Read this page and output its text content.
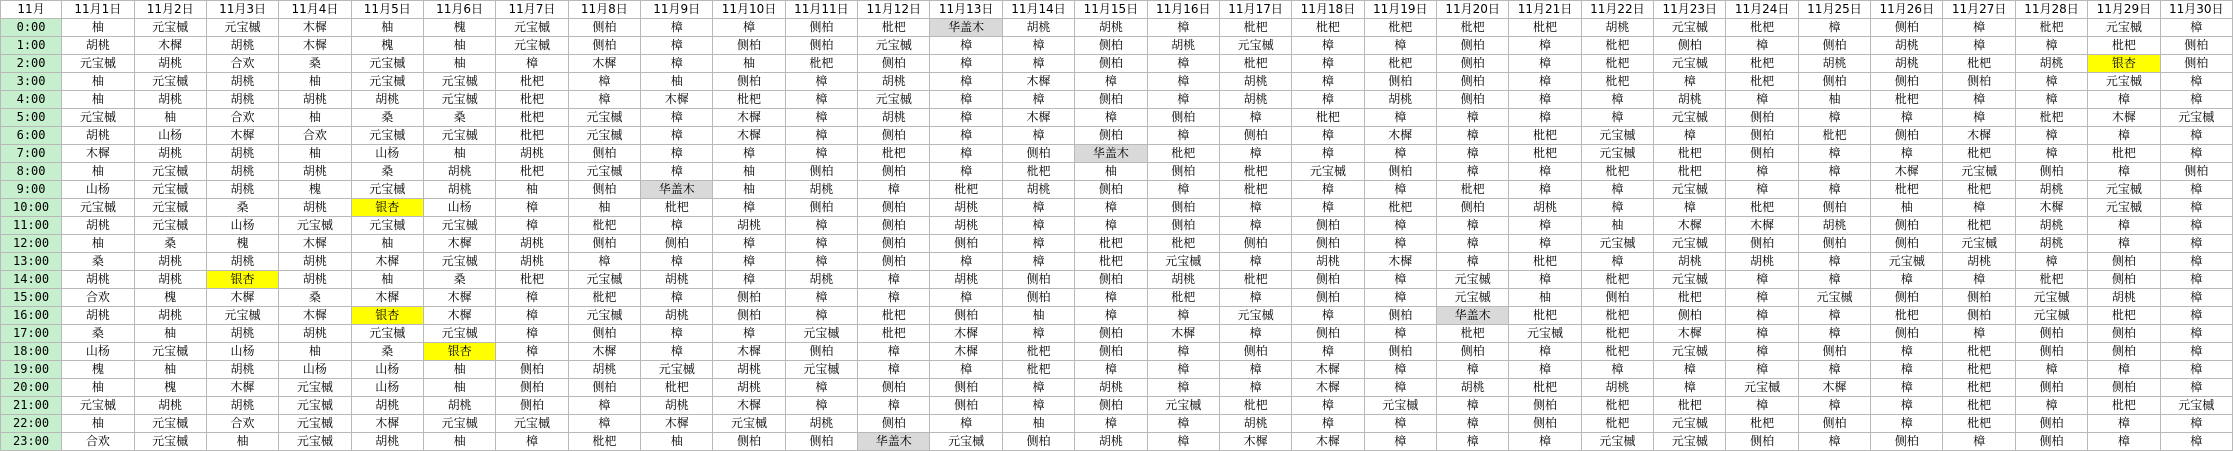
11月	11月1日	11月2日	11月3日	11月4日	11月5日	11月6日	11月7日	11月8日	11月9日	11月10日	11月11日	11月12日	11月13日	11月14日	11月15日	11月16日	11月17日	11月18日	11月19日	11月20日	11月21日	11月22日	11月23日	11月24日	11月25日	11月26日	11月27日	11月28日	11月29日	11月30日
0:00	柚	元宝槭	元宝槭	木樨	柚	槐	元宝槭	侧柏	樟	樟	侧柏	枇杷	华盖木	胡桃	胡桃	樟	枇杷	枇杷	枇杷	枇杷	枇杷	胡桃	元宝槭	枇杷	樟	侧柏	樟	枇杷	元宝槭	樟
1:00	胡桃	木樨	胡桃	木樨	槐	柚	元宝槭	侧柏	樟	侧柏	侧柏	元宝槭	樟	樟	侧柏	胡桃	元宝槭	樟	樟	侧柏	樟	枇杷	侧柏	樟	侧柏	胡桃	樟	樟	枇杷	侧柏
2:00	元宝槭	胡桃	合欢	桑	元宝槭	柚	樟	木樨	樟	柚	枇杷	侧柏	樟	樟	侧柏	樟	枇杷	樟	枇杷	侧柏	樟	枇杷	元宝槭	枇杷	胡桃	胡桃	枇杷	胡桃	银杏	侧柏
3:00	柚	元宝槭	胡桃	柚	元宝槭	元宝槭	枇杷	樟	柚	侧柏	樟	胡桃	樟	木樨	樟	樟	胡桃	樟	侧柏	侧柏	樟	枇杷	樟	枇杷	侧柏	侧柏	侧柏	樟	元宝槭	樟
4:00	柚	胡桃	胡桃	胡桃	胡桃	元宝槭	枇杷	樟	木樨	枇杷	樟	元宝槭	樟	樟	侧柏	樟	胡桃	樟	胡桃	侧柏	樟	樟	胡桃	樟	柚	枇杷	樟	樟	樟	樟
5:00	元宝槭	柚	合欢	柚	桑	桑	枇杷	元宝槭	樟	木樨	樟	胡桃	樟	木樨	樟	侧柏	樟	枇杷	樟	樟	樟	樟	元宝槭	侧柏	樟	樟	樟	枇杷	木樨	元宝槭
6:00	胡桃	山杨	木樨	合欢	元宝槭	元宝槭	枇杷	元宝槭	樟	木樨	樟	侧柏	樟	樟	侧柏	樟	侧柏	樟	木樨	樟	枇杷	元宝槭	樟	侧柏	枇杷	侧柏	木樨	樟	樟	樟
7:00	木樨	胡桃	胡桃	柚	山杨	柚	胡桃	侧柏	樟	樟	樟	枇杷	樟	侧柏	华盖木	枇杷	樟	樟	樟	樟	枇杷	元宝槭	枇杷	侧柏	樟	樟	枇杷	樟	枇杷	樟
8:00	柚	元宝槭	胡桃	胡桃	桑	胡桃	枇杷	元宝槭	樟	柚	侧柏	侧柏	樟	枇杷	柚	侧柏	枇杷	元宝槭	侧柏	樟	樟	枇杷	枇杷	樟	樟	木樨	元宝槭	侧柏	樟	侧柏
9:00	山杨	元宝槭	胡桃	槐	元宝槭	胡桃	柚	侧柏	华盖木	柚	胡桃	樟	枇杷	胡桃	侧柏	樟	枇杷	樟	樟	枇杷	樟	樟	元宝槭	樟	樟	枇杷	枇杷	胡桃	元宝槭	樟
10:00	元宝槭	元宝槭	桑	胡桃	银杏	山杨	樟	柚	枇杷	樟	侧柏	侧柏	胡桃	樟	樟	侧柏	樟	樟	枇杷	侧柏	胡桃	樟	樟	枇杷	侧柏	柚	樟	木樨	元宝槭	樟
11:00	胡桃	元宝槭	山杨	元宝槭	元宝槭	元宝槭	樟	枇杷	樟	胡桃	樟	侧柏	胡桃	樟	樟	侧柏	樟	侧柏	樟	樟	樟	柚	木樨	木樨	胡桃	侧柏	枇杷	胡桃	樟	樟
12:00	柚	桑	槐	木樨	柚	木樨	胡桃	侧柏	侧柏	樟	樟	侧柏	侧柏	樟	枇杷	枇杷	侧柏	侧柏	樟	樟	樟	元宝槭	元宝槭	侧柏	侧柏	侧柏	元宝槭	胡桃	樟	樟
13:00	桑	胡桃	胡桃	胡桃	木樨	元宝槭	胡桃	樟	樟	樟	樟	侧柏	樟	樟	枇杷	元宝槭	樟	胡桃	木樨	樟	枇杷	樟	胡桃	胡桃	樟	元宝槭	胡桃	樟	侧柏	樟
14:00	胡桃	胡桃	银杏	胡桃	柚	桑	枇杷	元宝槭	胡桃	樟	胡桃	樟	胡桃	侧柏	侧柏	胡桃	枇杷	侧柏	樟	元宝槭	樟	枇杷	元宝槭	樟	樟	樟	樟	枇杷	侧柏	樟
15:00	合欢	槐	木樨	桑	木樨	木樨	樟	枇杷	樟	侧柏	樟	樟	樟	侧柏	樟	枇杷	樟	侧柏	樟	元宝槭	柚	侧柏	枇杷	樟	元宝槭	侧柏	侧柏	元宝槭	胡桃	樟
16:00	胡桃	胡桃	元宝槭	木樨	银杏	木樨	樟	元宝槭	胡桃	侧柏	樟	枇杷	侧柏	柚	樟	樟	元宝槭	樟	侧柏	华盖木	枇杷	枇杷	侧柏	樟	樟	枇杷	侧柏	元宝槭	枇杷	樟
17:00	桑	柚	胡桃	胡桃	元宝槭	元宝槭	樟	侧柏	樟	樟	元宝槭	枇杷	木樨	樟	侧柏	木樨	樟	侧柏	樟	枇杷	元宝槭	枇杷	木樨	樟	樟	侧柏	樟	侧柏	侧柏	樟
18:00	山杨	元宝槭	山杨	柚	桑	银杏	樟	木樨	樟	木樨	侧柏	樟	木樨	枇杷	侧柏	樟	侧柏	樟	侧柏	侧柏	樟	枇杷	元宝槭	樟	侧柏	樟	枇杷	侧柏	侧柏	樟
19:00	槐	柚	胡桃	山杨	山杨	柚	侧柏	胡桃	元宝槭	胡桃	元宝槭	樟	樟	枇杷	樟	樟	樟	木樨	樟	樟	樟	樟	樟	樟	樟	樟	枇杷	樟	樟	樟
20:00	柚	槐	木樨	元宝槭	山杨	柚	侧柏	侧柏	枇杷	胡桃	樟	侧柏	侧柏	樟	胡桃	樟	樟	木樨	樟	胡桃	枇杷	胡桃	樟	元宝槭	木樨	樟	枇杷	侧柏	侧柏	樟
21:00	元宝槭	胡桃	胡桃	元宝槭	胡桃	胡桃	侧柏	樟	胡桃	木樨	樟	樟	侧柏	樟	侧柏	元宝槭	枇杷	樟	元宝槭	樟	侧柏	枇杷	枇杷	樟	樟	樟	枇杷	樟	枇杷	元宝槭
22:00	柚	元宝槭	合欢	元宝槭	木樨	元宝槭	元宝槭	樟	木樨	元宝槭	胡桃	侧柏	樟	柚	樟	樟	胡桃	樟	樟	樟	侧柏	枇杷	元宝槭	枇杷	侧柏	樟	枇杷	侧柏	樟	樟
23:00	合欢	元宝槭	柚	元宝槭	胡桃	柚	樟	枇杷	柚	侧柏	侧柏	华盖木	元宝槭	侧柏	胡桃	樟	木樨	木樨	樟	樟	樟	元宝槭	元宝槭	侧柏	樟	侧柏	樟	侧柏	樟	樟
